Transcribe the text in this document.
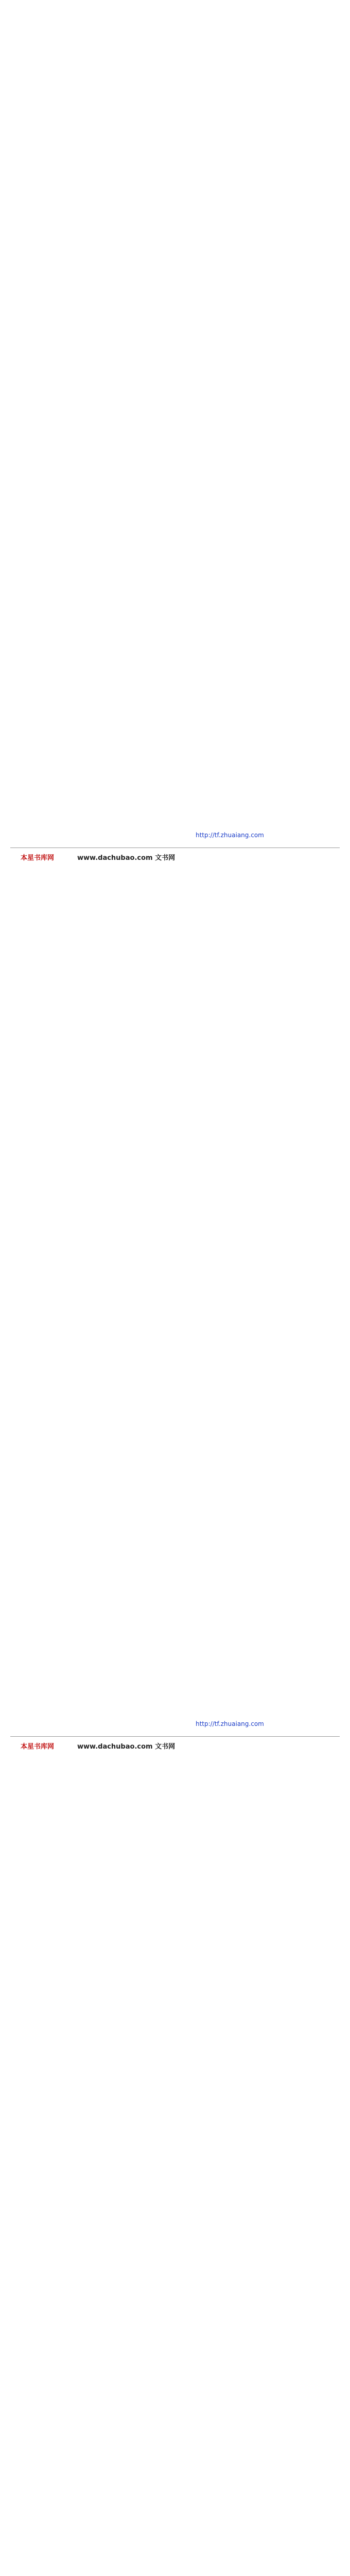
http://tf.zhuaiang.com
本星书库网	www.dachubao.com 文书网
http://tf.zhuaiang.com
本星书库网	www.dachubao.com 文书网
